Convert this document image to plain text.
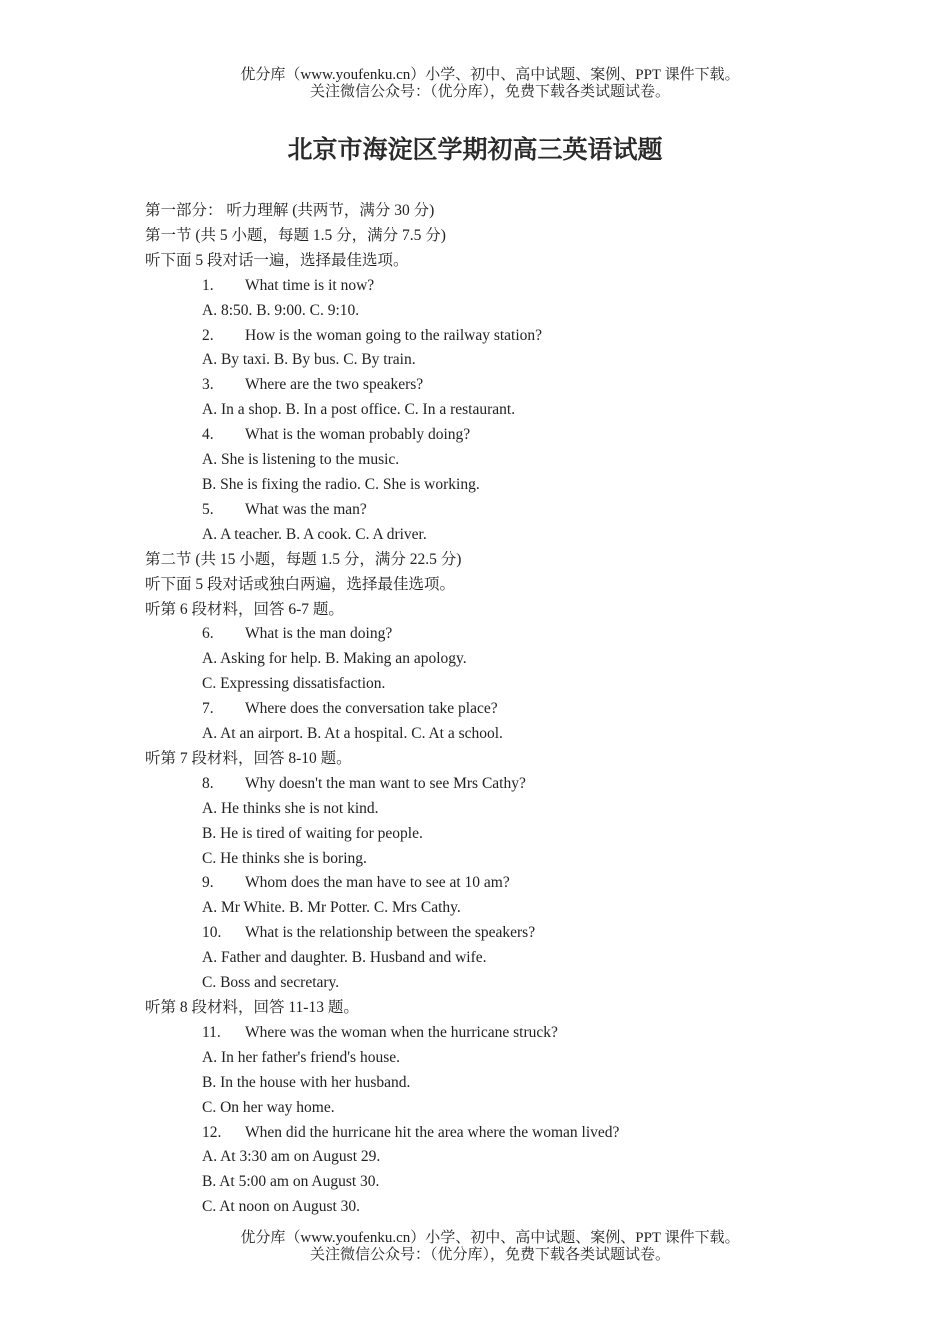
优分库（www.youfenku.cn）小学、初中、高中试题、案例、PPT 课件下载。
关注微信公众号：（优分库），免费下载各类试题试卷。
北京市海淀区学期初高三英语试题
第一部分： 听力理解 (共两节，满分 30 分)
第一节 (共 5 小题，每题 1.5 分，满分 7.5 分)
听下面 5 段对话一遍，选择最佳选项。
1. What time is it now?
A. 8:50. B. 9:00. C. 9:10.
2. How is the woman going to the railway station?
A. By taxi. B. By bus. C. By train.
3. Where are the two speakers?
A. In a shop. B. In a post office. C. In a restaurant.
4. What is the woman probably doing?
A. She is listening to the music.
B. She is fixing the radio. C. She is working.
5. What was the man?
A. A teacher. B. A cook. C. A driver.
第二节 (共 15 小题，每题 1.5 分，满分 22.5 分)
听下面 5 段对话或独白两遍，选择最佳选项。
听第 6 段材料，回答 6-7 题。
6. What is the man doing?
A. Asking for help. B. Making an apology.
C. Expressing dissatisfaction.
7. Where does the conversation take place?
A. At an airport. B. At a hospital. C. At a school.
听第 7 段材料，回答 8-10 题。
8. Why doesn't the man want to see Mrs Cathy?
A. He thinks she is not kind.
B. He is tired of waiting for people.
C. He thinks she is boring.
9. Whom does the man have to see at 10 am?
A. Mr White. B. Mr Potter. C. Mrs Cathy.
10. What is the relationship between the speakers?
A. Father and daughter. B. Husband and wife.
C. Boss and secretary.
听第 8 段材料，回答 11-13 题。
11. Where was the woman when the hurricane struck?
A. In her father's friend's house.
B. In the house with her husband.
C. On her way home.
12. When did the hurricane hit the area where the woman lived?
A. At 3:30 am on August 29.
B. At 5:00 am on August 30.
C. At noon on August 30.
优分库（www.youfenku.cn）小学、初中、高中试题、案例、PPT 课件下载。
关注微信公众号：（优分库），免费下载各类试题试卷。
